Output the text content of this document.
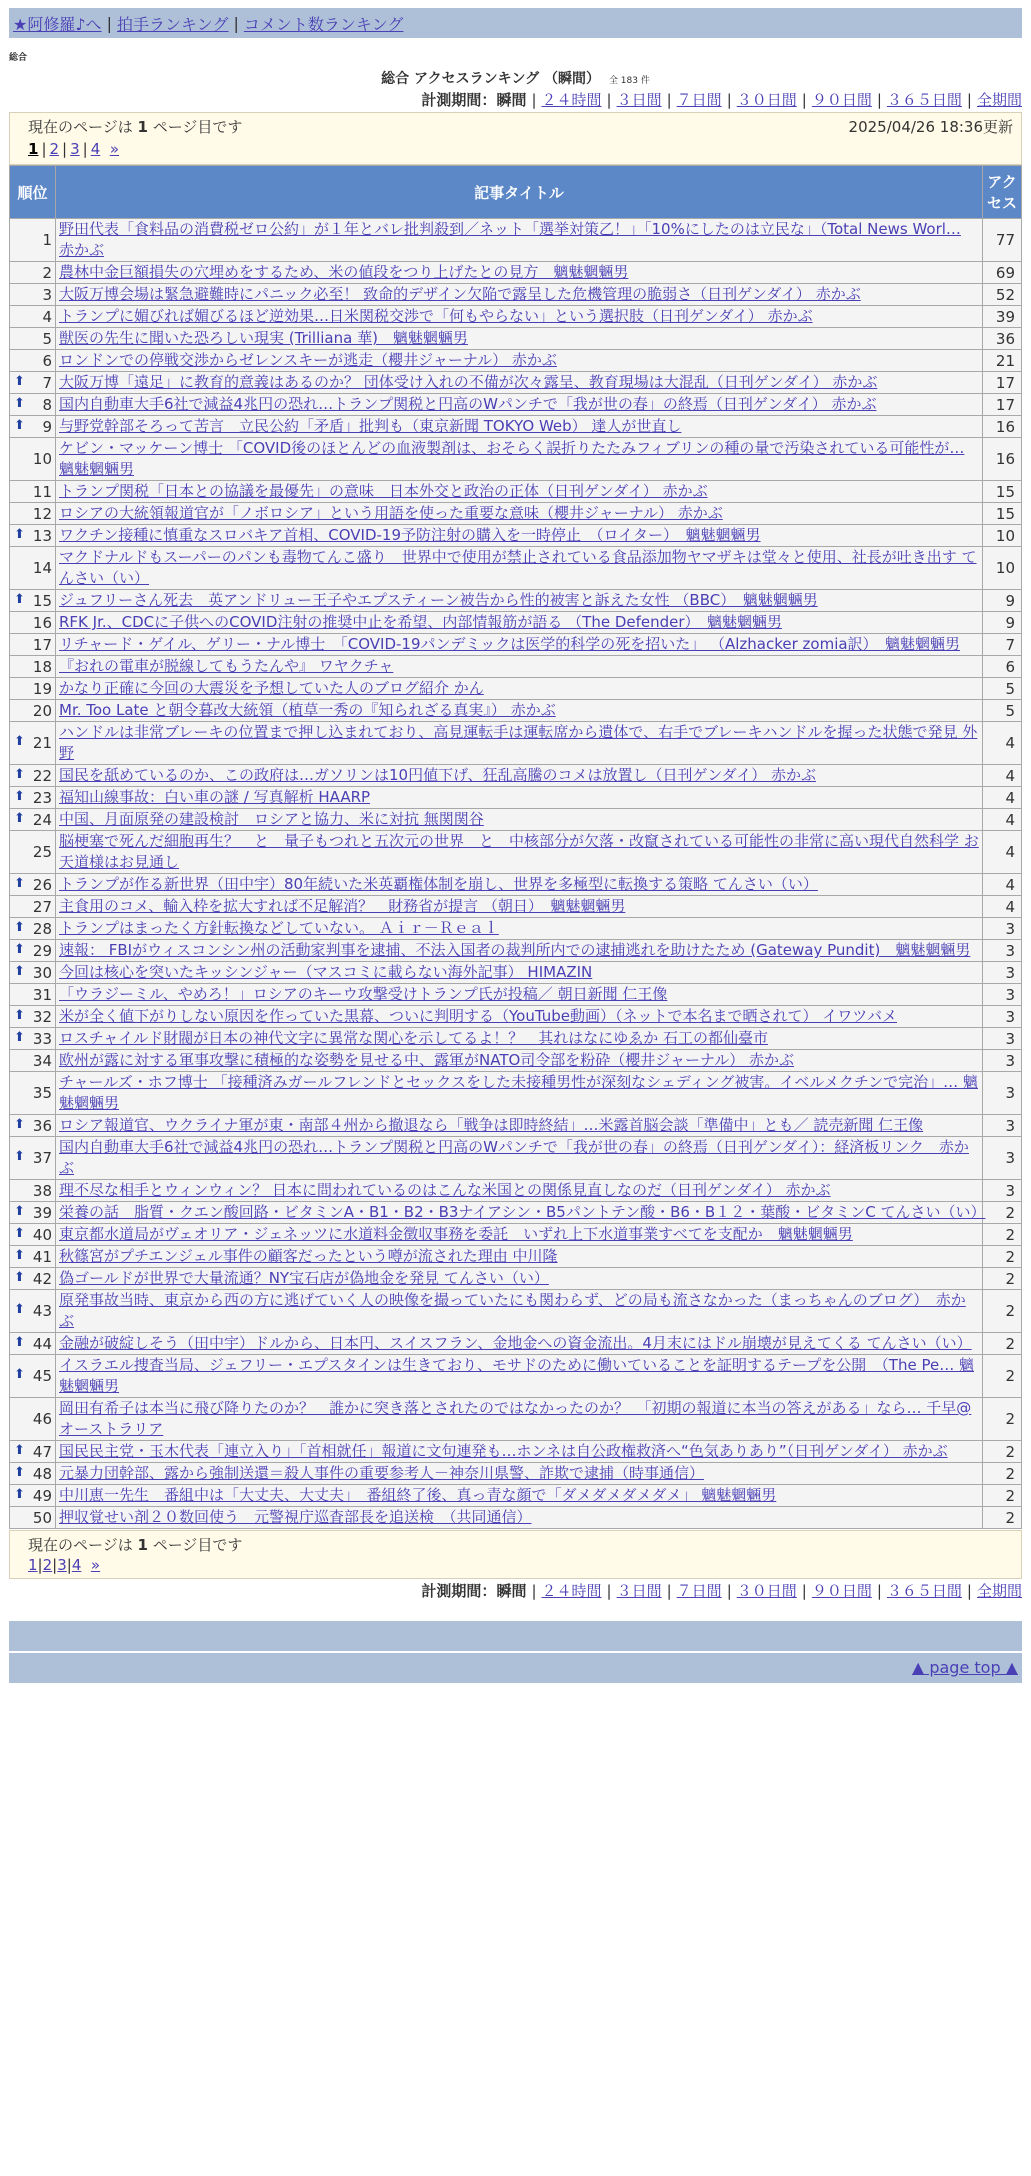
★阿修羅♪へ | 拍手ランキング | コメント数ランキング
総合
総合 アクセスランキング （瞬間） 全 183 件
計測期間：瞬間 | ２４時間 | ３日間 | ７日間 | ３０日間 | ９０日間 | ３６５日間 | 全期間
現在のページは 1 ページ目です	2025/04/26 18:36更新
1 | 2 | 3 | 4 »
順位	記事タイトル	アクセス
1	野田代表「食料品の消費税ゼロ公約」が１年とバレ批判殺到／ネット「選挙対策乙！」「10%にしたのは立民な」（Total News Worl… 赤かぶ	77
2	農林中金巨額損失の穴埋めをするため、米の値段をつり上げたとの見方　魑魅魍魎男	69
3	大阪万博会場は緊急避難時にパニック必至！ 致命的デザイン欠陥で露呈した危機管理の脆弱さ（日刊ゲンダイ） 赤かぶ	52
4	トランプに媚びれば媚びるほど逆効果…日米関税交渉で「何もやらない」という選択肢（日刊ゲンダイ） 赤かぶ	39
5	獣医の先生に聞いた恐ろしい現実 (Trilliana 華)　魑魅魍魎男	36
6	ロンドンでの停戦交渉からゼレンスキーが逃走（櫻井ジャーナル） 赤かぶ	21

⬆ 7	大阪万博「遠足」に教育的意義はあるのか？ 団体受け入れの不備が次々露呈、教育現場は大混乱（日刊ゲンダイ） 赤かぶ	17

⬆ 8	国内自動車大手6社で減益4兆円の恐れ…トランプ関税と円高のWパンチで「我が世の春」の終焉（日刊ゲンダイ） 赤かぶ	17

⬆ 9	与野党幹部そろって苦言　立民公約「矛盾」批判も（東京新聞 TOKYO Web） 達人が世直し	16
10	ケビン・マッケーン博士 「COVID後のほとんどの血液製剤は、おそらく誤折りたたみフィブリンの種の量で汚染されている可能性が… 魑魅魍魎男	16
11	トランプ関税「日本との協議を最優先」の意味　日本外交と政治の正体（日刊ゲンダイ） 赤かぶ	15
12	ロシアの大統領報道官が「ノボロシア」という用語を使った重要な意味（櫻井ジャーナル） 赤かぶ	15

⬆ 13	ワクチン接種に慎重なスロバキア首相、COVID-19予防注射の購入を一時停止　（ロイター）　魑魅魍魎男	10
14	マクドナルドもスーパーのパンも毒物てんこ盛り　世界中で使用が禁止されている食品添加物ヤマザキは堂々と使用、社長が吐き出す てんさい（い）	10

⬆ 15	ジュフリーさん死去　英アンドリュー王子やエプスティーン被告から性的被害と訴えた女性 （BBC）　魑魅魍魎男	9
16	RFK Jr.、CDCに子供へのCOVID注射の推奨中止を希望、内部情報筋が語る （The Defender）　魑魅魍魎男	9
17	リチャード・ゲイル、ゲリー・ナル博士　「COVID-19パンデミックは医学的科学の死を招いた」 （Alzhacker zomia訳）　魑魅魍魎男	7
18	『おれの電車が脱線してもうたんや』 ワヤクチャ	6
19	かなり正確に今回の大震災を予想していた人のブログ紹介 かん	5
20	Mr. Too Late と朝令暮改大統領（植草一秀の『知られざる真実』） 赤かぶ	5

⬆ 21	ハンドルは非常ブレーキの位置まで押し込まれており、高見運転手は運転席から遺体で、右手でブレーキハンドルを握った状態で発見 外野	4

⬆ 22	国民を舐めているのか、この政府は…ガソリンは10円値下げ、狂乱高騰のコメは放置し（日刊ゲンダイ） 赤かぶ	4

⬆ 23	福知山線事故：白い車の謎 / 写真解析 HAARP	4

⬆ 24	中国、月面原発の建設検討　ロシアと協力、米に対抗 無関関谷	4
25	脳梗塞で死んだ細胞再生？　と　量子もつれと五次元の世界　と　中核部分が欠落・改竄されている可能性の非常に高い現代自然科学 お天道様はお見通し	4

⬆ 26	トランプが作る新世界（田中宇）80年続いた米英覇権体制を崩し、世界を多極型に転換する策略 てんさい（い）	4
27	主食用のコメ、輸入枠を拡大すれば不足解消？　財務省が提言 （朝日）　魑魅魍魎男	4

⬆ 28	トランプはまったく方針転換などしていない。 Ａｉｒ－Ｒｅａｌ	3

⬆ 29	速報： FBIがウィスコンシン州の活動家判事を逮捕、不法入国者の裁判所内での逮捕逃れを助けたため (Gateway Pundit)　魑魅魍魎男	3

⬆ 30	今回は核心を突いたキッシンジャー（マスコミに載らない海外記事） HIMAZIN	3
31	「ウラジーミル、やめろ！」ロシアのキーウ攻撃受けトランプ氏が投稿／ 朝日新聞 仁王像	3

⬆ 32	米が全く値下がりしない原因を作っていた黒幕、ついに判明する（YouTube動画）（ネットで本名まで晒されて） イワツバメ	3

⬆ 33	ロスチャイルド財閥が日本の神代文字に異常な関心を示してるよ！？　其れはなにゆゑか 石工の都仙臺市	3
34	欧州が露に対する軍事攻撃に積極的な姿勢を見せる中、露軍がNATO司令部を粉砕（櫻井ジャーナル） 赤かぶ	3
35	チャールズ・ホフ博士 「接種済みガールフレンドとセックスをした未接種男性が深刻なシェディング被害。イベルメクチンで完治」… 魑魅魍魎男	3

⬆ 36	ロシア報道官、ウクライナ軍が東・南部４州から撤退なら「戦争は即時終結」…米露首脳会談「準備中」とも／ 読売新聞 仁王像	3

⬆ 37	国内自動車大手6社で減益4兆円の恐れ…トランプ関税と円高のWパンチで「我が世の春」の終焉（日刊ゲンダイ）：経済板リンク　赤かぶ	3
38	理不尽な相手とウィンウィン？ 日本に問われているのはこんな米国との関係見直しなのだ（日刊ゲンダイ） 赤かぶ	3

⬆ 39	栄養の話　脂質・クエン酸回路・ビタミンA・B1・B2・B3ナイアシン・B5パントテン酸・B6・B１２・葉酸・ビタミンC てんさい（い）	2

⬆ 40	東京都水道局がヴェオリア・ジェネッツに水道料金徴収事務を委託　いずれ上下水道事業すべてを支配か　魑魅魍魎男	2

⬆ 41	秋篠宮がプチエンジェル事件の顧客だったという噂が流された理由 中川隆	2

⬆ 42	偽ゴールドが世界で大量流通？NY宝石店が偽地金を発見 てんさい（い）	2

⬆ 43	原発事故当時、東京から西の方に逃げていく人の映像を撮っていたにも関わらず、どの局も流さなかった（まっちゃんのブログ）　赤かぶ	2

⬆ 44	金融が破綻しそう（田中宇）ドルから、日本円、スイスフラン、金地金への資金流出。4月末にはドル崩壊が見えてくる てんさい（い）	2

⬆ 45	イスラエル捜査当局、ジェフリー・エプスタインは生きており、モサドのために働いていることを証明するテープを公開　（The Pe… 魑魅魍魎男	2
46	岡田有希子は本当に飛び降りたのか？　誰かに突き落とされたのではなかったのか？　「初期の報道に本当の答えがある」なら… 千早@オーストラリア	2

⬆ 47	国民民主党・玉木代表「連立入り」「首相就任」報道に文句連発も…ホンネは自公政権救済へ“色気ありあり”（日刊ゲンダイ） 赤かぶ	2

⬆ 48	元暴力団幹部、露から強制送還＝殺人事件の重要参考人－神奈川県警、詐欺で逮捕（時事通信）	2

⬆ 49	中川恵一先生　番組中は「大丈夫、大丈夫」　番組終了後、真っ青な顔で「ダメダメダメダメ」 魑魅魍魎男	2
50	押収覚せい剤２０数回使う　元警視庁巡査部長を追送検　（共同通信）	2
現在のページは 1 ページ目です
1|2|3|4 »
計測期間：瞬間 | ２４時間 | ３日間 | ７日間 | ３０日間 | ９０日間 | ３６５日間 | 全期間
▲ page top ▲
